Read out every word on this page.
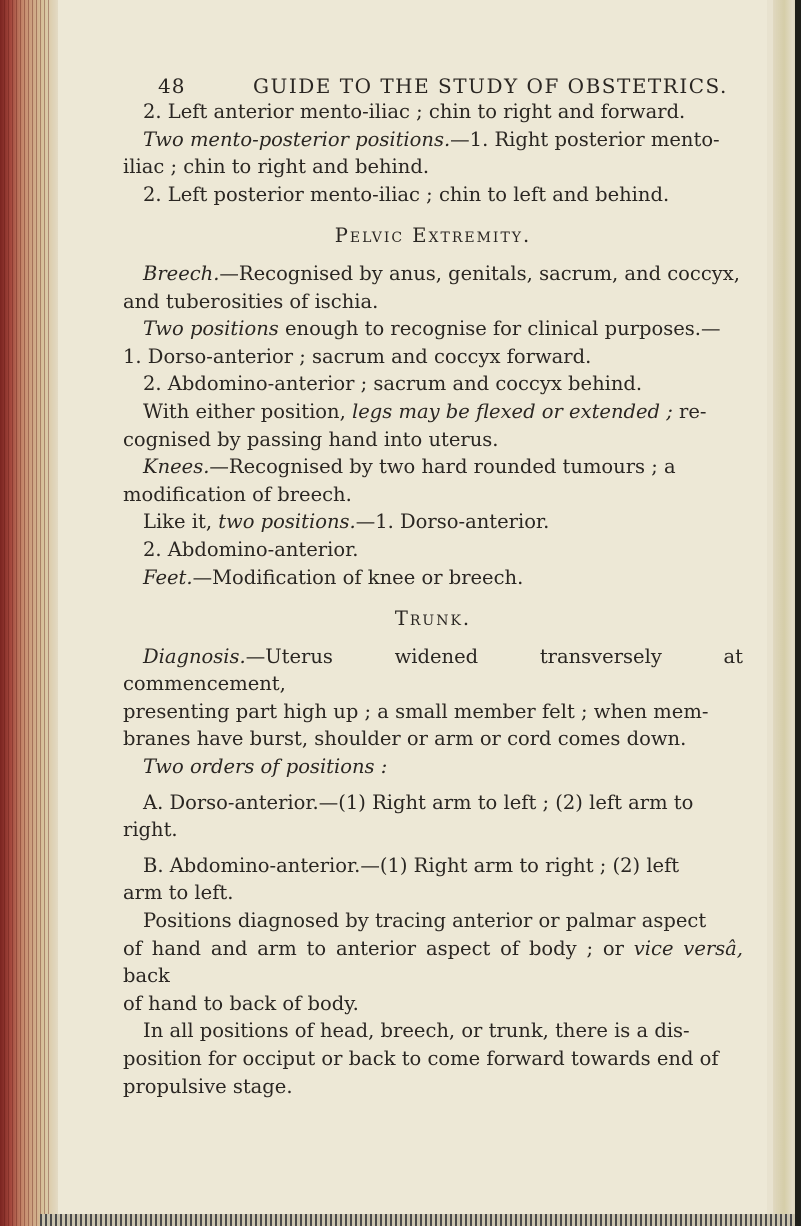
48	GUIDE TO THE STUDY OF OBSTETRICS.

2. Left anterior mento-iliac ; chin to right and forward.

Two mento-posterior positions.—1. Right posterior mento-

iliac ; chin to right and behind.

2. Left posterior mento-iliac ; chin to left and behind.

Pelvic Extremity.

Breech.—Recognised by anus, genitals, sacrum, and coccyx,

and tuberosities of ischia.

Two positions enough to recognise for clinical purposes.—

1. Dorso-anterior ; sacrum and coccyx forward.

2. Abdomino-anterior ; sacrum and coccyx behind.

With either position, legs may be flexed or extended ; re-

cognised by passing hand into uterus.

Knees.—Recognised by two hard rounded tumours ; a

modification of breech.

Like it, two positions.—1. Dorso-anterior.

2. Abdomino-anterior.

Feet.—Modification of knee or breech.

Trunk.

Diagnosis.—Uterus widened transversely at commencement,

presenting part high up ; a small member felt ; when mem-

branes have burst, shoulder or arm or cord comes down.

Two orders of positions :

A. Dorso-anterior.—(1) Right arm to left ; (2) left arm to

right.

B. Abdomino-anterior.—(1) Right arm to right ; (2) left

arm to left.

Positions diagnosed by tracing anterior or palmar aspect

of hand and arm to anterior aspect of body ; or vice versâ, back

of hand to back of body.

In all positions of head, breech, or trunk, there is a dis-

position for occiput or back to come forward towards end of

propulsive stage.
